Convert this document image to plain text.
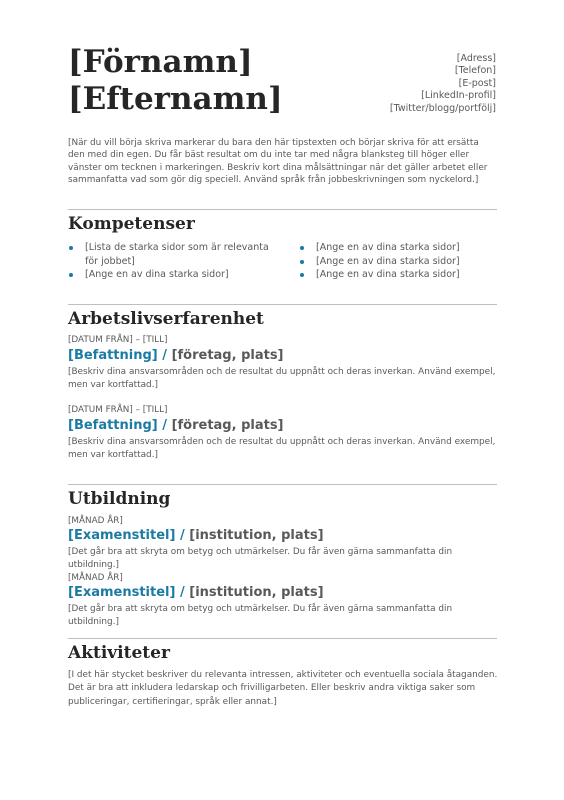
[Förnamn]
[Efternamn]
[Adress]
[Telefon]
[E-post]
[LinkedIn-profil]
[Twitter/blogg/portfölj]

[När du vill börja skriva markerar du bara den här tipstexten och börjar skriva för att ersätta den med din egen. Du får bäst resultat om du inte tar med några blanksteg till höger eller vänster om tecknen i markeringen. Beskriv kort dina målsättningar när det gäller arbetet eller sammanfatta vad som gör dig speciell. Använd språk från jobbeskrivningen som nyckelord.]

Kompetenser
[Lista de starka sidor som är relevanta för jobbet]
[Ange en av dina starka sidor]
[Ange en av dina starka sidor]
[Ange en av dina starka sidor]
[Ange en av dina starka sidor]
Arbetslivserfarenhet
[DATUM FRÅN] – [TILL]
[Befattning] / [företag, plats]

[Beskriv dina ansvarsområden och de resultat du uppnått och deras inverkan. Använd exempel, men var kortfattad.]

[DATUM FRÅN] – [TILL]
[Befattning] / [företag, plats]

[Beskriv dina ansvarsområden och de resultat du uppnått och deras inverkan. Använd exempel, men var kortfattad.]

Utbildning
[MÅNAD ÅR]
[Examenstitel] / [institution, plats]

[Det går bra att skryta om betyg och utmärkelser. Du får även gärna sammanfatta din utbildning.]

[MÅNAD ÅR]
[Examenstitel] / [institution, plats]

[Det går bra att skryta om betyg och utmärkelser. Du får även gärna sammanfatta din utbildning.]

Aktiviteter

[I det här stycket beskriver du relevanta intressen, aktiviteter och eventuella sociala åtaganden. Det är bra att inkludera ledarskap och frivilligarbeten. Eller beskriv andra viktiga saker som publiceringar, certifieringar, språk eller annat.]
